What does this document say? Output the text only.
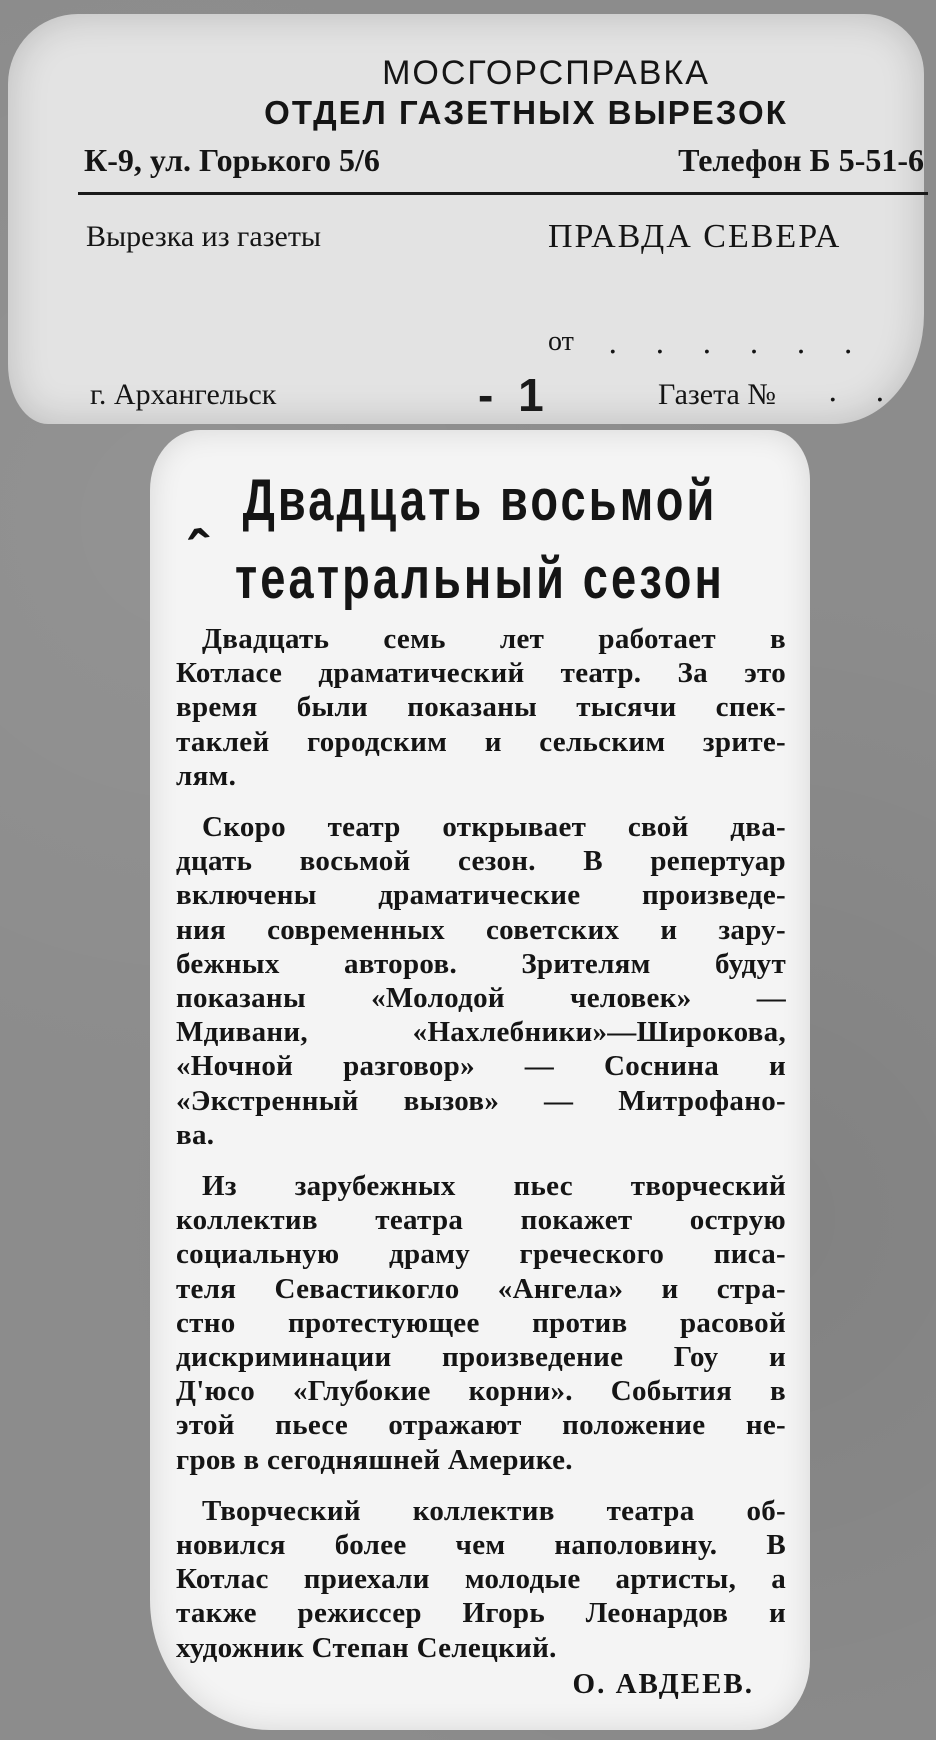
МОСГОРСПРАВКА
ОТДЕЛ ГАЗЕТНЫХ ВЫРЕЗОК
К-9, ул. Горького 5/6	Телефон Б 5-51-6
Вырезка из газеты	ПРАВДА СЕВЕРА
от . . . . . .
г. Архангельск	- 1	Газета № . .
ˆ
Двадцать восьмой
театральный сезон
Двадцать семь лет работает в
Котласе драматический театр. За это
время были показаны тысячи спек-
таклей городским и сельским зрите-
лям.
Скоро театр открывает свой два-
дцать восьмой сезон. В репертуар
включены драматические произведе-
ния современных советских и зару-
бежных авторов. Зрителям будут
показаны «Молодой человек» —
Мдивани, «Нахлебники»—Широкова,
«Ночной разговор» — Соснина и
«Экстренный вызов» — Митрофано-
ва.
Из зарубежных пьес творческий
коллектив театра покажет острую
социальную драму греческого писа-
теля Севастикогло «Ангела» и стра-
стно протестующее против расовой
дискриминации произведение Гоу и
Д'юсо «Глубокие корни». События в
этой пьесе отражают положение не-
гров в сегодняшней Америке.
Творческий коллектив театра об-
новился более чем наполовину. В
Котлас приехали молодые артисты, а
также режиссер Игорь Леонардов и
художник Степан Селецкий.
О. АВДЕЕВ.
